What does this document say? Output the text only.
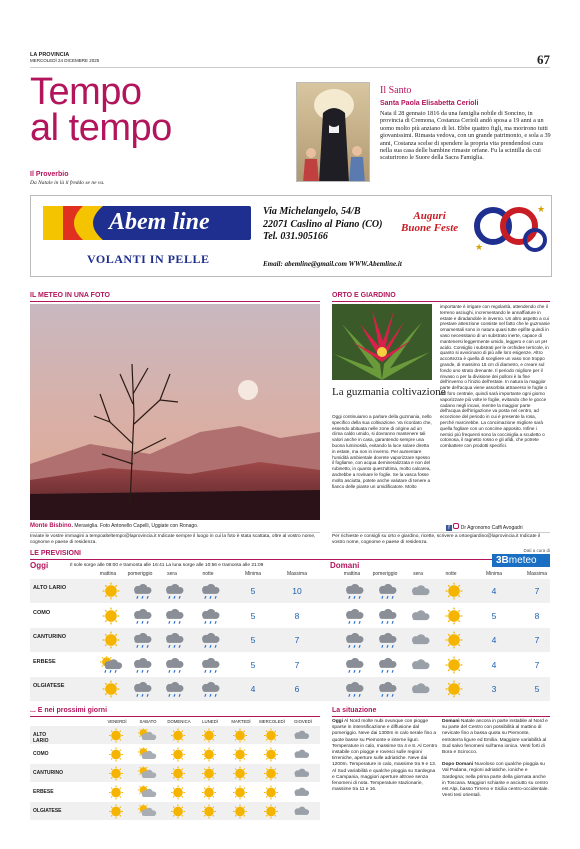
LA PROVINCIA
MERCOLEDÌ 24 DICEMBRE 2025	67
Tempo
al tempo
Il Proverbio
Da Natale in là il freddo se ne va.
Il Santo
Santa Paola Elisabetta Cerioli
Nata il 28 gennaio 1816 da una famiglia nobile di Soncino, in provincia di Cremona, Costanza Cerioli andò sposa a 19 anni a un uomo molto più anziano di lei. Ebbe quattro figli, ma morirono tutti giovanissimi. Rimasta vedova, con un grande patrimonio, e sola a 39 anni, Costanza scelse di spendere la propria vita prendendosi cura nella sua casa delle bambine rimaste orfane. Fu la scintilla da cui scaturirono le Suore della Sacra Famiglia.
Abem line
VOLANTI IN PELLE
Via Michelangelo, 54/B
22071 Caslino al Piano (CO)
Tel. 031.905166
Auguri
Buone Feste
★
★
Email: abemline@gmail.com WWW.Abemline.it
IL METEO IN UNA FOTO
Monte Bisbino. Meraviglia. Foto Antonello Capelli, Uggiate con Ronago.
Inviate le vostre immagini a tempoalteltempo@laprovincia.it Indicate sempre il luogo in cui la foto è stata scattata, oltre al vostro nome, cognome e paese di residenza.
ORTO E GIARDINO
La guzmania coltivazione
Oggi continuiamo a parlare della guzmania, nello specifico della sua coltivazione. Va ricordato che, essendo abituata nelle zone di origine ad un clima caldo umido, si dovranno mantenere tali valori anche in casa, garantendo sempre una buona luminosità, evitando la luce solare diretta in estate, ma non in inverno. Per aumentare l'umidità ambientale dovrete vaporizzare spesso il fogliame, con acqua demineralizzata e non del rubinetto, in quanto quest'ultima, molto calcarea, andrebbe a rovinare le foglie. Se la vasca fosse molto asciutta, potete anche valutare di tenere a fianco delle piante un umidificatore. Molto
importante è irrigare con regolarità, attendendo che il terreno asciughi, incrementando le annaffiature in estate e diradandole in inverno. Un altro aspetto a cui prestare attenzione consiste nel fatto che le guzmanie ornamentali sono in natura quasi tutte epifite quindi in vaso necessitano di un substrato inerte, capace di mantenersi leggermente umido, leggero e con un pH acido. Consiglio i substrati per le orchidee terricole, in quanto si avvicinano di più alle loro esigenze. Altro accortezza è quella di scegliere un vaso non troppo grande, di massimo 15 cm di diametro, e creare sul fondo uno strato drenante. Il periodo migliore per il rinvaso o per la divisione dei polloni è la fine dell'inverno o l'inizio dell'estate. In natura la maggior parte dell'acqua viene assorbita attraverso le foglie o dal foro centrale, quindi sarà importante ogni giorno vaporizzare più volte le foglie, evitando che le gocce cadano negli incavi, mentre la maggior parte dell'acqua dell'irrigazione va posta nel centro, ad eccezione del periodo in cui è presente la rosa, perché marcirebbe. La concimazione migliore sarà quella fogliare con un concime apposito. Infine i nemici più frequenti sono la cocciniglia a scudetto o cotonosa, il ragnetto rosso e gli afidi, che potrete combattere con prodotti specifici.
f Dr Agronomo Caffi Avogadri
Per richieste e consigli su orto e giardino, ricette, scrivere a ortoegiardino@laprovincia.it Indicate il vostro nome, cognome e paese di residenza.
LE PREVISIONI	Dati a cura di
3Bmeteo
Oggi	Il sole sorge alle 08:00 e tramonta alle 16:41 La luna sorge alle 10:56 e tramonta alle 21:09	Domani
mattina	mattina
pomeriggio	pomeriggio
sera	sera
notte	notte
Minima	Massima	Minima	Massima
ALTO LARIO	5	10	4	7
COMO	5	8	5	8
CANTURINO	5	7	4	7
ERBESE	5	7	4	7
OLGIATESE	4	6	3	5
... E nei prossimi giorni
VENERDÌ	SABATO	DOMENICA	LUNEDÌ	MARTEDÌ	MERCOLEDÌ	GIOVEDÌ
ALTO LARIO
COMO
CANTURINO
ERBESE
OLGIATESE
La situazione
Oggi Al Nord molte nubi ovunque con piogge sparse in intensificazione e diffusione dal pomeriggio. Neve dai 1300m in calo serale fino a quote basse su Piemonte e interne liguri. Temperature in calo, massime tra 4 e 8. Al Centro instabile con piogge e rovesci sulle regioni tirreniche, aperture sulle adriatiche. Neve dai 1200m. Temperature in calo, massime tra 9 e 13. Al Sud variabilità e qualche pioggia su Sardegna e Campania, maggiori aperture altrove senza fenomeni di nota. Temperature stazionarie, massime tra 11 e 16.
Domani Natale ancora in parte instabile al Nord e su parte del Centro con possibilità al mattino di nevicate fino a bassa quota su Piemonte, entroterra ligure ed Emilia. Maggiore variabilità al Sud salvo fenomeni sull'area ionica. Venti forti di Bora e Scirocco.
Dopo Domani Nuvoloso con qualche pioggia su Val Padana, regioni adriatiche, ioniche e Sardegna; nella prima parte della giornata anche in Toscana. Maggiori schiarite e asciutto su centro est Alpi, basso Tirreno e Sicilia centro-occidentale. Venti tesi orientali.
